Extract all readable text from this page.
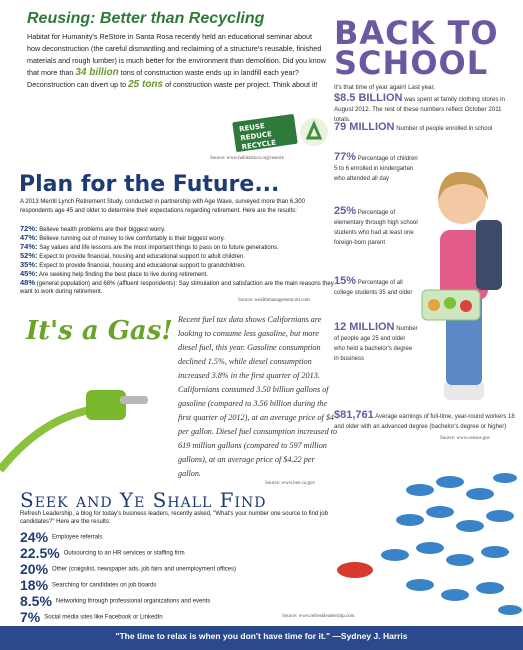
Reusing: Better than Recycling
Habitat for Humanity's ReStore in Santa Rosa recently held an educational seminar about how deconstruction (the careful dismantling and reclaiming of a structure's reusable, finished materials and rough lumber) is much better for the environment than demolition. Did you know that more than 34 billion tons of construction waste ends up in landfill each year? Deconstruction can divert up to 25 tons of construction waste per project. Think about it!
REUSE
REDUCE
RECYCLE
Source: www.habitatsoco.org/restore
BACK TO
SCHOOL
It's that time of year again! Last year,
$8.5 BILLION was spent at family clothing stores in August 2012. The rest of these numbers reflect October 2011 totals.
79 MILLION Number of people enrolled in school
77% Percentage of children 5 to 6 enrolled in kindergarten who attended all day
25% Percentage of elementary through high school students who had at least one foreign-born parent
15% Percentage of all college students 35 and older
12 MILLION Number of people age 25 and older who held a bachelor's degree in business
$81,761 Average earnings of full-time, year-round workers 18 and older with an advanced degree (bachelor's degree or higher)
Source: www.census.gov
Plan for the Future...
A 2013 Merrill Lynch Retirement Study, conducted in partnership with Age Wave, surveyed more than 6,300 respondents age 45 and older to determine their expectations regarding retirement. Here are the results:
72%: Believe health problems are their biggest worry.
47%: Believe running out of money to live comfortably is their biggest worry.
74%: Say values and life lessons are the most important things to pass on to future generations.
52%: Expect to provide financial, housing and educational support to adult children.
35%: Expect to provide financial, housing and educational support to grandchildren.
45%: Are seeking help finding the best place to live during retirement.
48% (general population) and 68% (affluent respondents): Say stimulation and satisfaction are the main reasons they want to work during retirement.
Source: wealthmanagement.ml.com
It's a Gas! Recent fuel tax data shows Californians are looking to consume less gasoline, but more diesel fuel, this year. Gasoline consumption declined 1.5%, while diesel consumption increased 3.8% in the first quarter of 2013. Californians consumed 3.50 billion gallons of gasoline (compared to 3.56 billion during the first quarter of 2012), at an average price of $4 per gallon. Diesel fuel consumption increased to 619 million gallons (compared to 597 million gallons), at an average price of $4.22 per gallon.
Source: www.boe.ca.gov
Seek and Ye Shall Find
Refresh Leadership, a blog for today's business leaders, recently asked, "What's your number one source to find job candidates?" Here are the results:
24% Employee referrals
22.5% Outsourcing to an HR services or staffing firm
20% Other (craigslist, newspaper ads, job fairs and unemployment offices)
18% Searching for candidates on job boards
8.5% Networking through professional organizations and events
7% Social media sites like Facebook or LinkedIn	Source: www.refreshleadership.com
"The time to relax is when you don't have time for it." —Sydney J. Harris
